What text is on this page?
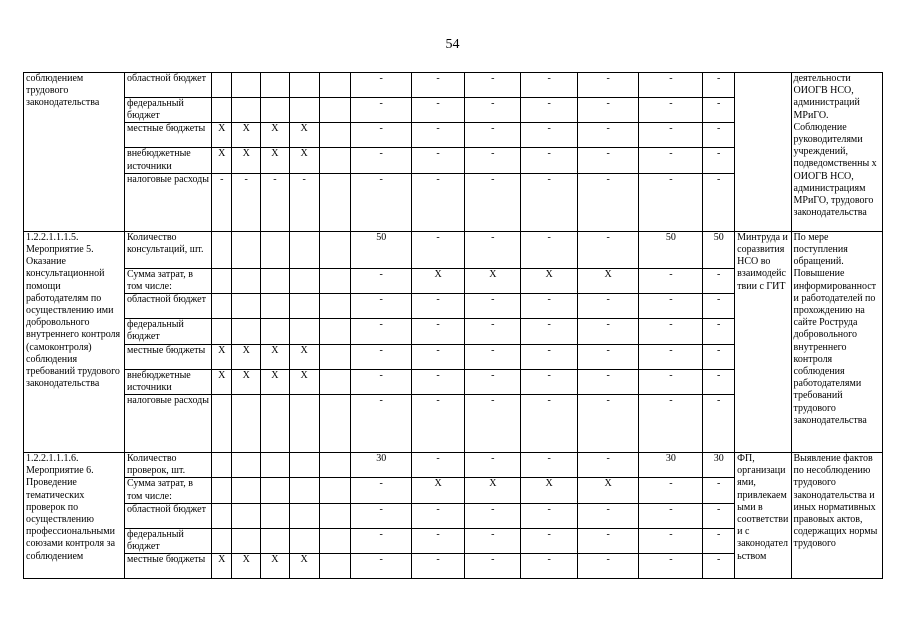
54
соблюдением трудового законодательства	областной бюджет						-	-	-	-	-	-	-		деятельности ОИОГВ НСО, администраций МРиГО. Соблюдение руководителями учреждений, подведомственны х ОИОГВ НСО, администрациям МРиГО, трудового законодательства
	федеральный бюджет						-	-	-	-	-	-	-		
	местные бюджеты	X	X	X	X		-	-	-	-	-	-	-		
	внебюджетные источники	X	X	X	X		-	-	-	-	-	-	-		
	налоговые расходы	-	-	-	-		-	-	-	-	-	-	-		
1.2.2.1.1.1.5. Мероприятие 5. Оказание консультационной помощи работодателям по осуществлению ими добровольного внутреннего контроля (самоконтроля) соблюдения требований трудового законодательства	Количество консультаций, шт.						50	-	-	-	-	50	50	Минтруда и соразвития НСО во взаимодействии с ГИТ	По мере поступления обращений. Повышение информированности работодателей по прохождению на сайте Роструда добровольного внутреннего контроля соблюдения работодателями требований трудового законодательства
	Сумма затрат, в том числе:						-	X	X	X	X	-	-		
	областной бюджет						-	-	-	-	-	-	-		
	федеральный бюджет						-	-	-	-	-	-	-		
	местные бюджеты	X	X	X	X		-	-	-	-	-	-	-		
	внебюджетные источники	X	X	X	X		-	-	-	-	-	-	-		
	налоговые расходы						-	-	-	-	-	-	-		
1.2.2.1.1.1.6. Мероприятие 6. Проведение тематических проверок по осуществлению профессиональными союзами контроля за соблюдением	Количество проверок, шт.						30	-	-	-	-	30	30	ФП, организациями, привлекаемыми в соответствии с законодательством	Выявление фактов по несоблюдению трудового законодательства и иных нормативных правовых актов, содержащих нормы трудового
	Сумма затрат, в том числе:						-	X	X	X	X	-	-		
	областной бюджет						-	-	-	-	-	-	-		
	федеральный бюджет						-	-	-	-	-	-	-		
	местные бюджеты	X	X	X	X		-	-	-	-	-	-	-		
